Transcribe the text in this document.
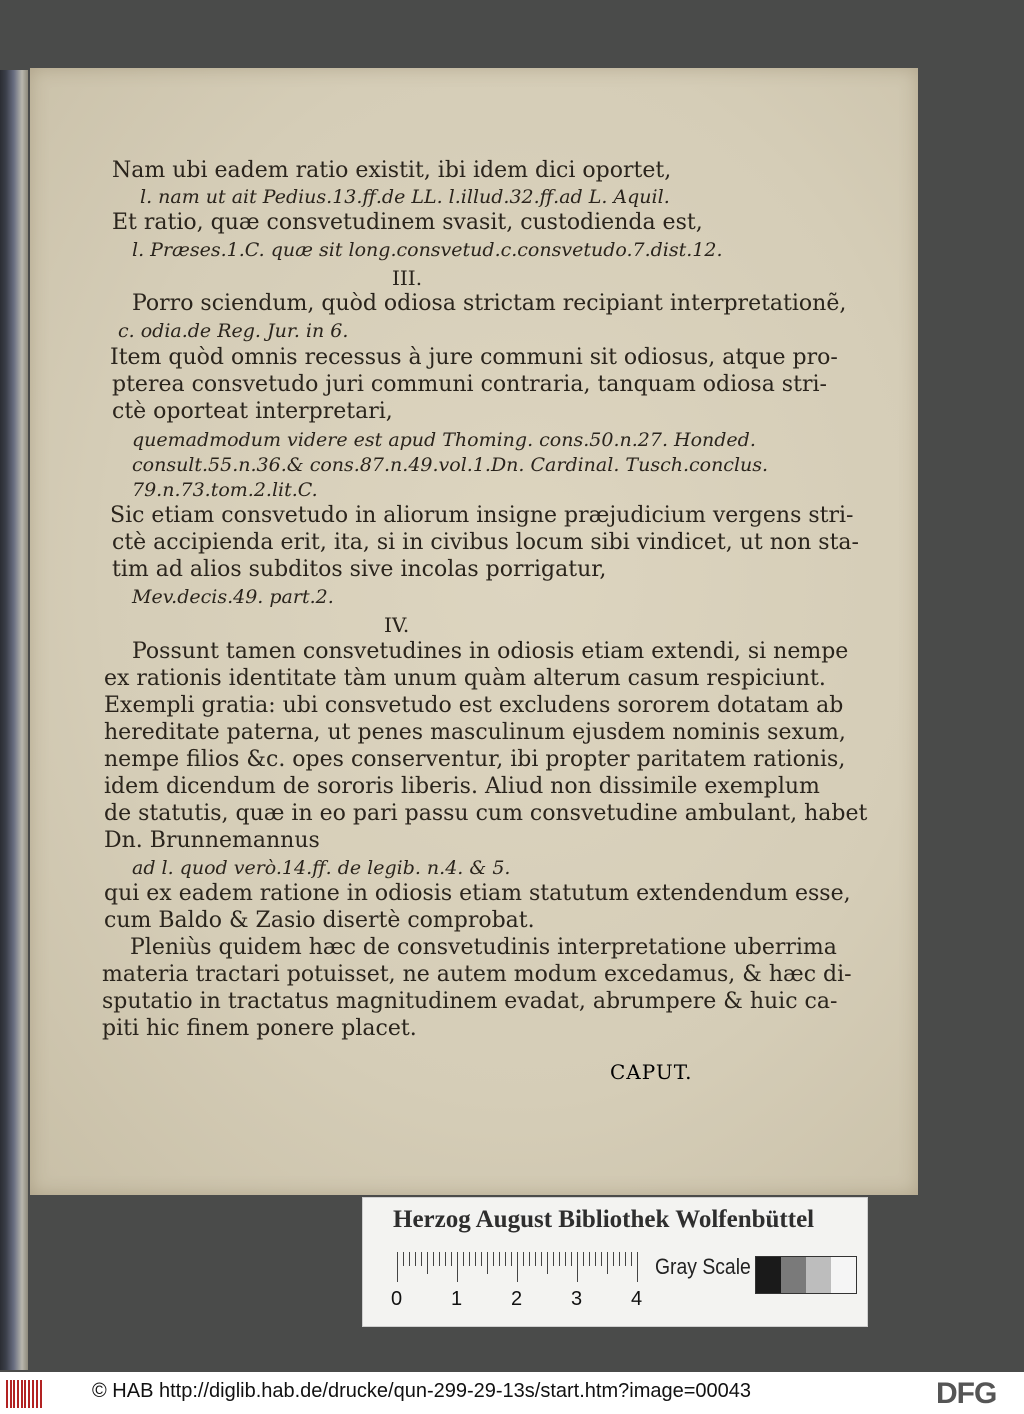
Nam ubi eadem ratio existit, ibi idem dici oportet,
l. nam ut ait Pedius.13.ff.de LL. l.illud.32.ff.ad L. Aquil.
Et ratio, quæ consvetudinem svasit, custodienda est,
l. Præses.1.C. quæ sit long.consvetud.c.consvetudo.7.dist.12.
III.
Porro sciendum, quòd odiosa strictam recipiant interpretationẽ,
c. odia.de Reg. Jur. in 6.
Item quòd omnis recessus à jure communi sit odiosus, atque pro-
pterea consvetudo juri communi contraria, tanquam odiosa stri-
ctè oporteat interpretari,
quemadmodum videre est apud Thoming. cons.50.n.27. Honded.
consult.55.n.36.& cons.87.n.49.vol.1.Dn. Cardinal. Tusch.conclus.
79.n.73.tom.2.lit.C.
Sic etiam consvetudo in aliorum insigne præjudicium vergens stri-
ctè accipienda erit, ita, si in civibus locum sibi vindicet, ut non sta-
tim ad alios subditos sive incolas porrigatur,
Mev.decis.49. part.2.
IV.
Possunt tamen consvetudines in odiosis etiam extendi, si nempe
ex rationis identitate tàm unum quàm alterum casum respiciunt.
Exempli gratia: ubi consvetudo est excludens sororem dotatam ab
hereditate paterna, ut penes masculinum ejusdem nominis sexum,
nempe filios &c. opes conserventur, ibi propter paritatem rationis,
idem dicendum de sororis liberis. Aliud non dissimile exemplum
de statutis, quæ in eo pari passu cum consvetudine ambulant, habet
Dn. Brunnemannus
ad l. quod verò.14.ff. de legib. n.4. & 5.
qui ex eadem ratione in odiosis etiam statutum extendendum esse,
cum Baldo & Zasio disertè comprobat.
Pleniùs quidem hæc de consvetudinis interpretatione uberrima
materia tractari potuisset, ne autem modum excedamus, & hæc di-
sputatio in tractatus magnitudinem evadat, abrumpere & huic ca-
piti hic finem ponere placet.
CAPUT.
Herzog August Bibliothek Wolfenbüttel
0 1 2 3 4
Gray Scale
© HAB http://diglib.hab.de/drucke/qun-299-29-13s/start.htm?image=00043	DFG
